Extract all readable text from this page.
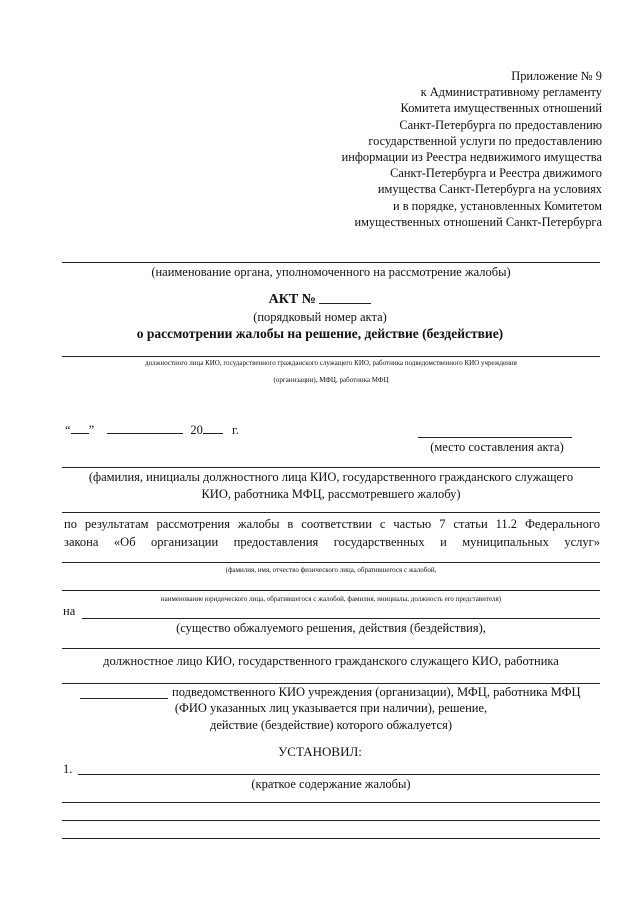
Приложение № 9
к Административному регламенту
Комитета имущественных отношений
Санкт-Петербурга по предоставлению
государственной услуги по предоставлению
информации из Реестра недвижимого имущества
Санкт-Петербурга и Реестра движимого
имущества Санкт-Петербурга на условиях
и в порядке, установленных Комитетом
имущественных отношений Санкт-Петербурга
(наименование органа, уполномоченного на рассмотрение жалобы)
АКТ №
(порядковый номер акта)
о рассмотрении жалобы на решение, действие (бездействие)
должностного лица КИО, государственного гражданского служащего КИО, работника подведомственного КИО учреждения
(организации), МФЦ, работника МФЦ
“ ”	20 г.
(место составления акта)
(фамилия, инициалы должностного лица КИО, государственного гражданского служащего
КИО, работника МФЦ, рассмотревшего жалобу)
по результатам рассмотрения жалобы в соответствии с частью 7 статьи 11.2 Федерального
закона «Об организации предоставления государственных и муниципальных услуг»
(фамилия, имя, отчество физического лица, обратившегося с жалобой,
наименование юридического лица, обратившегося с жалобой, фамилия, инициалы, должность его представителя)
на
(существо обжалуемого решения, действия (бездействия),
должностное лицо КИО, государственного гражданского служащего КИО, работника
подведомственного КИО учреждения (организации), МФЦ, работника МФЦ
(ФИО указанных лиц указывается при наличии), решение,
действие (бездействие) которого обжалуется)
УСТАНОВИЛ:
1.
(краткое содержание жалобы)
